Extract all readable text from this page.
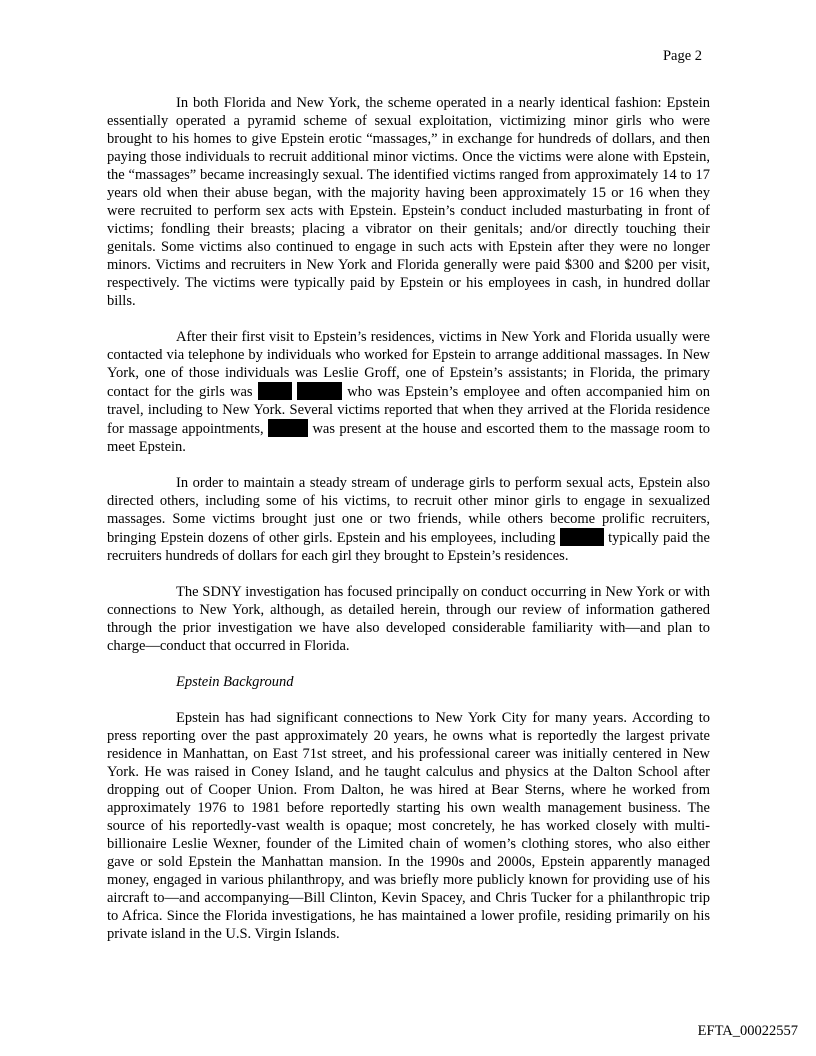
Page 2

In both Florida and New York, the scheme operated in a nearly identical fashion: Epstein essentially operated a pyramid scheme of sexual exploitation, victimizing minor girls who were brought to his homes to give Epstein erotic “massages,” in exchange for hundreds of dollars, and then paying those individuals to recruit additional minor victims. Once the victims were alone with Epstein, the “massages” became increasingly sexual. The identified victims ranged from approximately 14 to 17 years old when their abuse began, with the majority having been approximately 15 or 16 when they were recruited to perform sex acts with Epstein. Epstein’s conduct included masturbating in front of victims; fondling their breasts; placing a vibrator on their genitals; and/or directly touching their genitals. Some victims also continued to engage in such acts with Epstein after they were no longer minors. Victims and recruiters in New York and Florida generally were paid $300 and $200 per visit, respectively. The victims were typically paid by Epstein or his employees in cash, in hundred dollar bills.

After their first visit to Epstein’s residences, victims in New York and Florida usually were contacted via telephone by individuals who worked for Epstein to arrange additional massages. In New York, one of those individuals was Leslie Groff, one of Epstein’s assistants; in Florida, the primary contact for the girls was	who was Epstein’s employee and often accompanied him on travel, including to New York. Several victims reported that when they arrived at the Florida residence for massage appointments,	was present at the house and escorted them to the massage room to meet Epstein.

In order to maintain a steady stream of underage girls to perform sexual acts, Epstein also directed others, including some of his victims, to recruit other minor girls to engage in sexualized massages. Some victims brought just one or two friends, while others become prolific recruiters, bringing Epstein dozens of other girls. Epstein and his employees, including	typically paid the recruiters hundreds of dollars for each girl they brought to Epstein’s residences.

The SDNY investigation has focused principally on conduct occurring in New York or with connections to New York, although, as detailed herein, through our review of information gathered through the prior investigation we have also developed considerable familiarity with—and plan to charge—conduct that occurred in Florida.

Epstein Background

Epstein has had significant connections to New York City for many years. According to press reporting over the past approximately 20 years, he owns what is reportedly the largest private residence in Manhattan, on East 71st street, and his professional career was initially centered in New York. He was raised in Coney Island, and he taught calculus and physics at the Dalton School after dropping out of Cooper Union. From Dalton, he was hired at Bear Sterns, where he worked from approximately 1976 to 1981 before reportedly starting his own wealth management business. The source of his reportedly-vast wealth is opaque; most concretely, he has worked closely with multi-billionaire Leslie Wexner, founder of the Limited chain of women’s clothing stores, who also either gave or sold Epstein the Manhattan mansion. In the 1990s and 2000s, Epstein apparently managed money, engaged in various philanthropy, and was briefly more publicly known for providing use of his aircraft to—and accompanying—Bill Clinton, Kevin Spacey, and Chris Tucker for a philanthropic trip to Africa. Since the Florida investigations, he has maintained a lower profile, residing primarily on his private island in the U.S. Virgin Islands.

EFTA_00022557
